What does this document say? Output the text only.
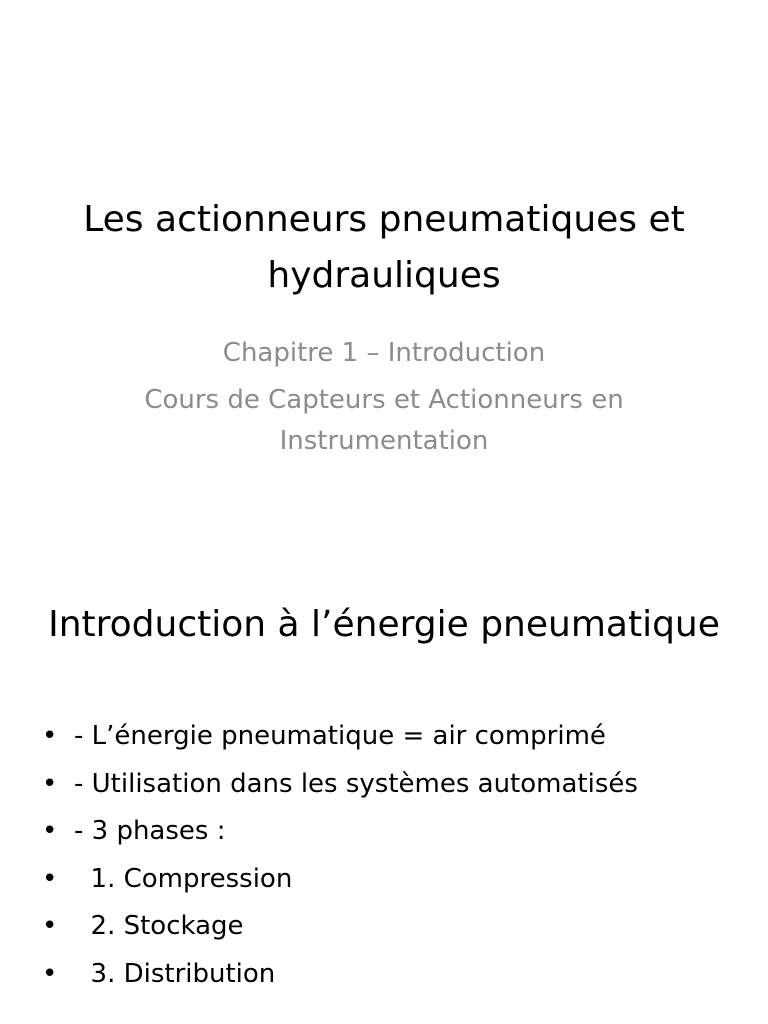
Les actionneurs pneumatiques et hydrauliques
Chapitre 1 – Introduction
Cours de Capteurs et Actionneurs en Instrumentation
Introduction à l’énergie pneumatique
• - L’énergie pneumatique = air comprimé
• - Utilisation dans les systèmes automatisés
• - 3 phases :
• 1. Compression
• 2. Stockage
• 3. Distribution
